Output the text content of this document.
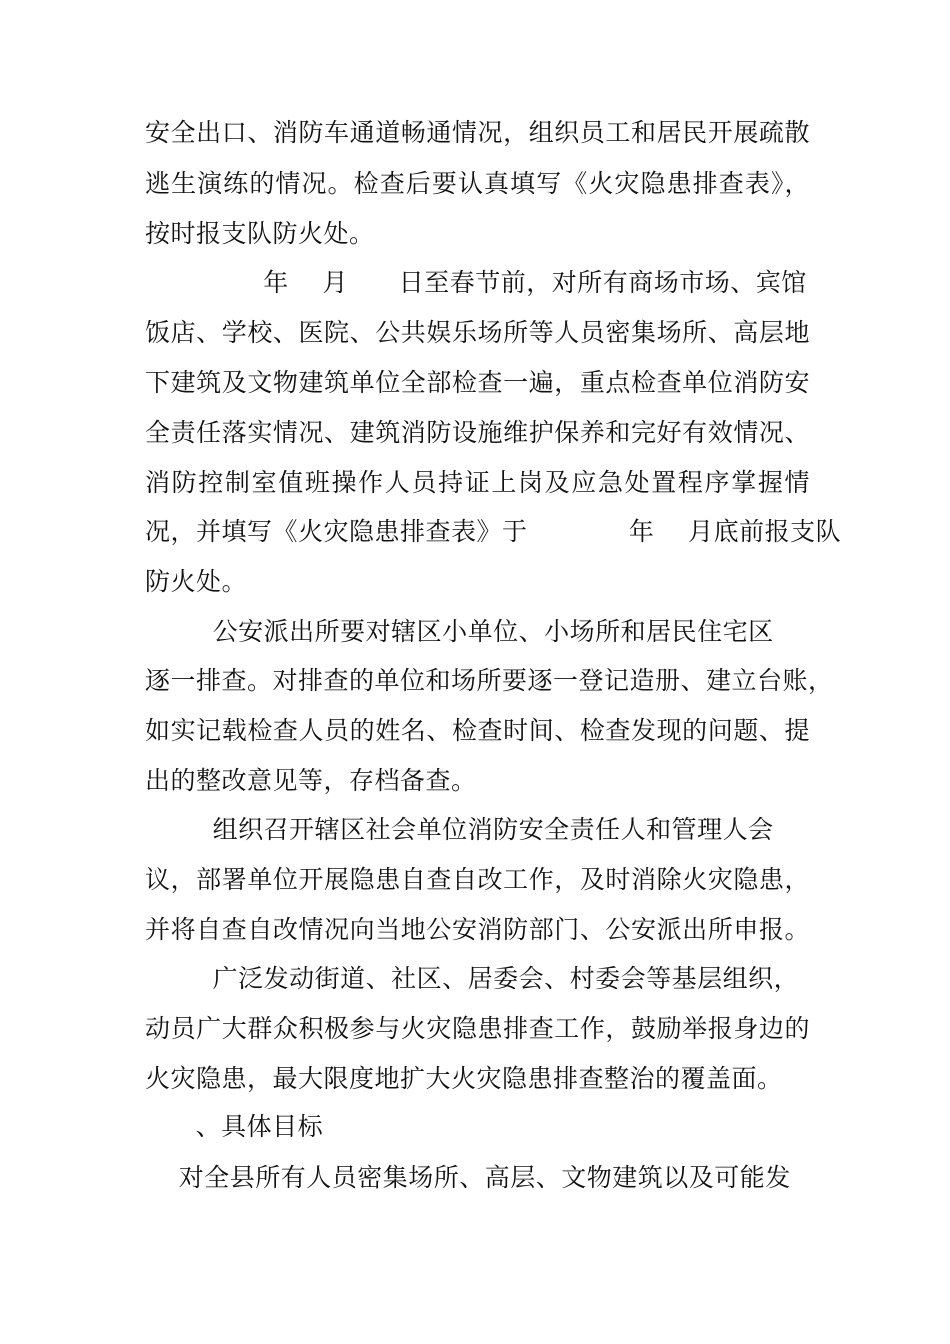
安全出口、消防车通道畅通情况，组织员工和居民开展疏散
逃生演练的情况。检查后要认真填写《火灾隐患排查表》，
按时报支队防火处。
年    月      日至春节前，对所有商场市场、宾馆
饭店、学校、医院、公共娱乐场所等人员密集场所、高层地
下建筑及文物建筑单位全部检查一遍，重点检查单位消防安
全责任落实情况、建筑消防设施维护保养和完好有效情况、
消防控制室值班操作人员持证上岗及应急处置程序掌握情
况，并填写《火灾隐患排查表》于            年    月底前报支队
防火处。
公安派出所要对辖区小单位、小场所和居民住宅区
逐一排查。对排查的单位和场所要逐一登记造册、建立台账，
如实记载检查人员的姓名、检查时间、检查发现的问题、提
出的整改意见等，存档备查。
组织召开辖区社会单位消防安全责任人和管理人会
议，部署单位开展隐患自查自改工作，及时消除火灾隐患，
并将自查自改情况向当地公安消防部门、公安派出所申报。
广泛发动街道、社区、居委会、村委会等基层组织，
动员广大群众积极参与火灾隐患排查工作，鼓励举报身边的
火灾隐患，最大限度地扩大火灾隐患排查整治的覆盖面。
、具体目标
对全县所有人员密集场所、高层、文物建筑以及可能发
